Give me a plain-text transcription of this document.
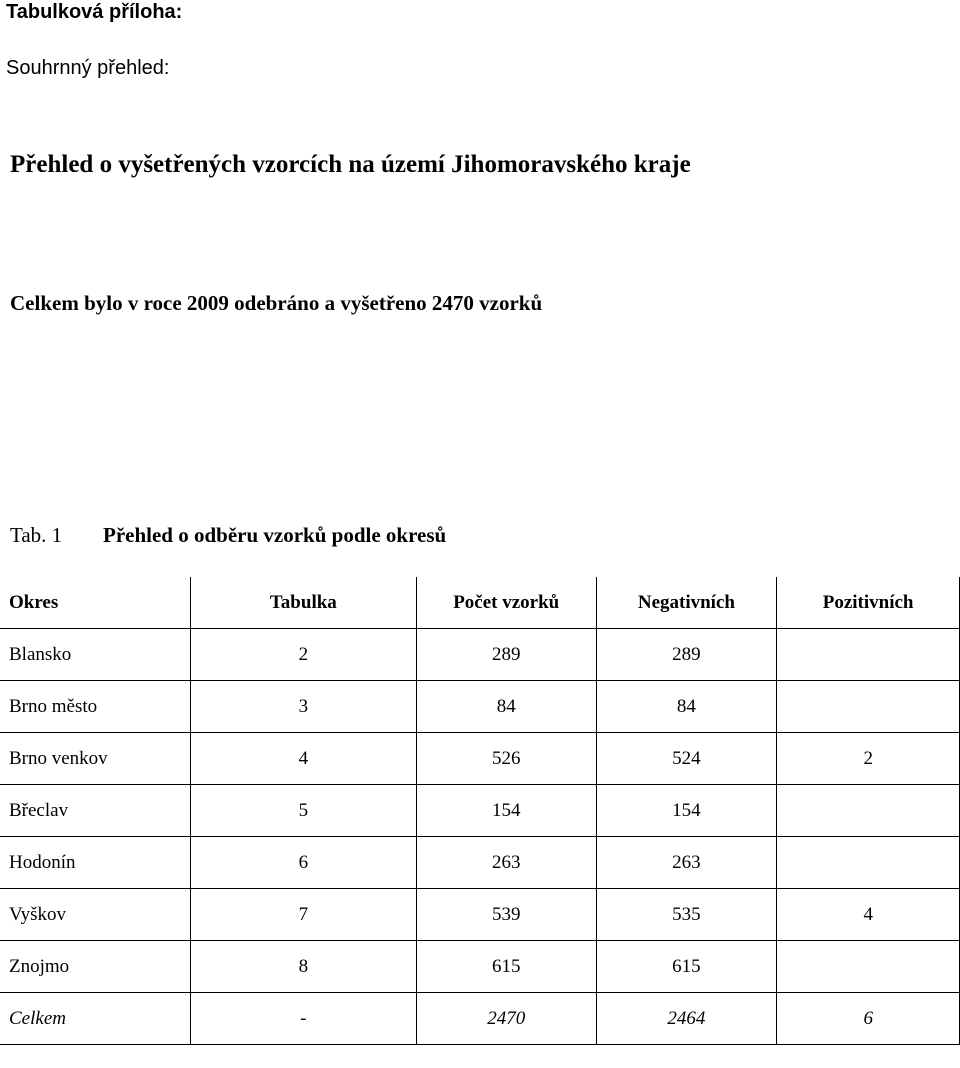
Tabulková příloha:
Souhrnný přehled:
Přehled o vyšetřených vzorcích na území Jihomoravského kraje
Celkem bylo v roce 2009 odebráno a vyšetřeno 2470 vzorků
Tab. 1 Přehled o odběru vzorků podle okresů
Okres	Tabulka	Počet vzorků	Negativních	Pozitivních
Blansko	2	289	289	
Brno město	3	84	84	
Brno venkov	4	526	524	2
Břeclav	5	154	154	
Hodonín	6	263	263	
Vyškov	7	539	535	4
Znojmo	8	615	615	
Celkem	-	2470	2464	6
